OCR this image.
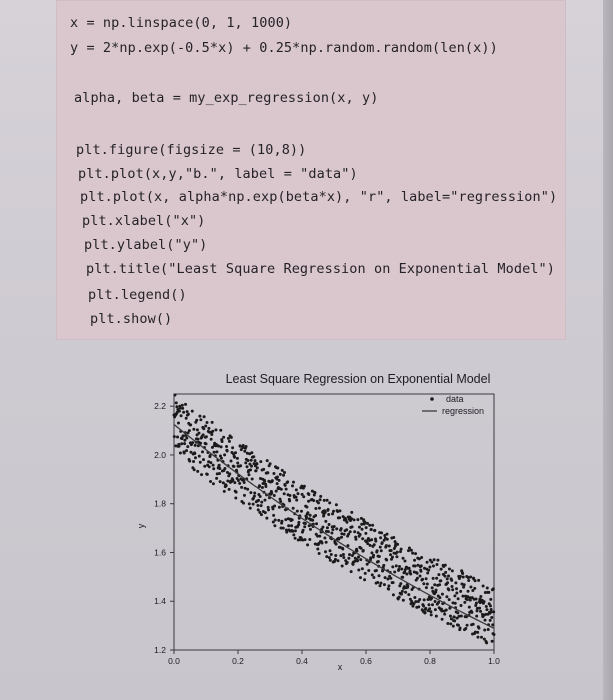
x = np.linspace(0, 1, 1000)
y = 2*np.exp(-0.5*x) + 0.25*np.random.random(len(x))
alpha, beta = my_exp_regression(x, y)
plt.figure(figsize = (10,8))
plt.plot(x,y,"b.", label = "data")
plt.plot(x, alpha*np.exp(beta*x), "r", label="regression")
plt.xlabel("x")
plt.ylabel("y")
plt.title("Least Square Regression on Exponential Model")
plt.legend()
plt.show()
Least Square Regression on Exponential Model
1.2
1.4
1.6
1.8
2.0
2.2
0.0	0.2	0.4	0.6	0.8	1.0
data
regression
x
y
